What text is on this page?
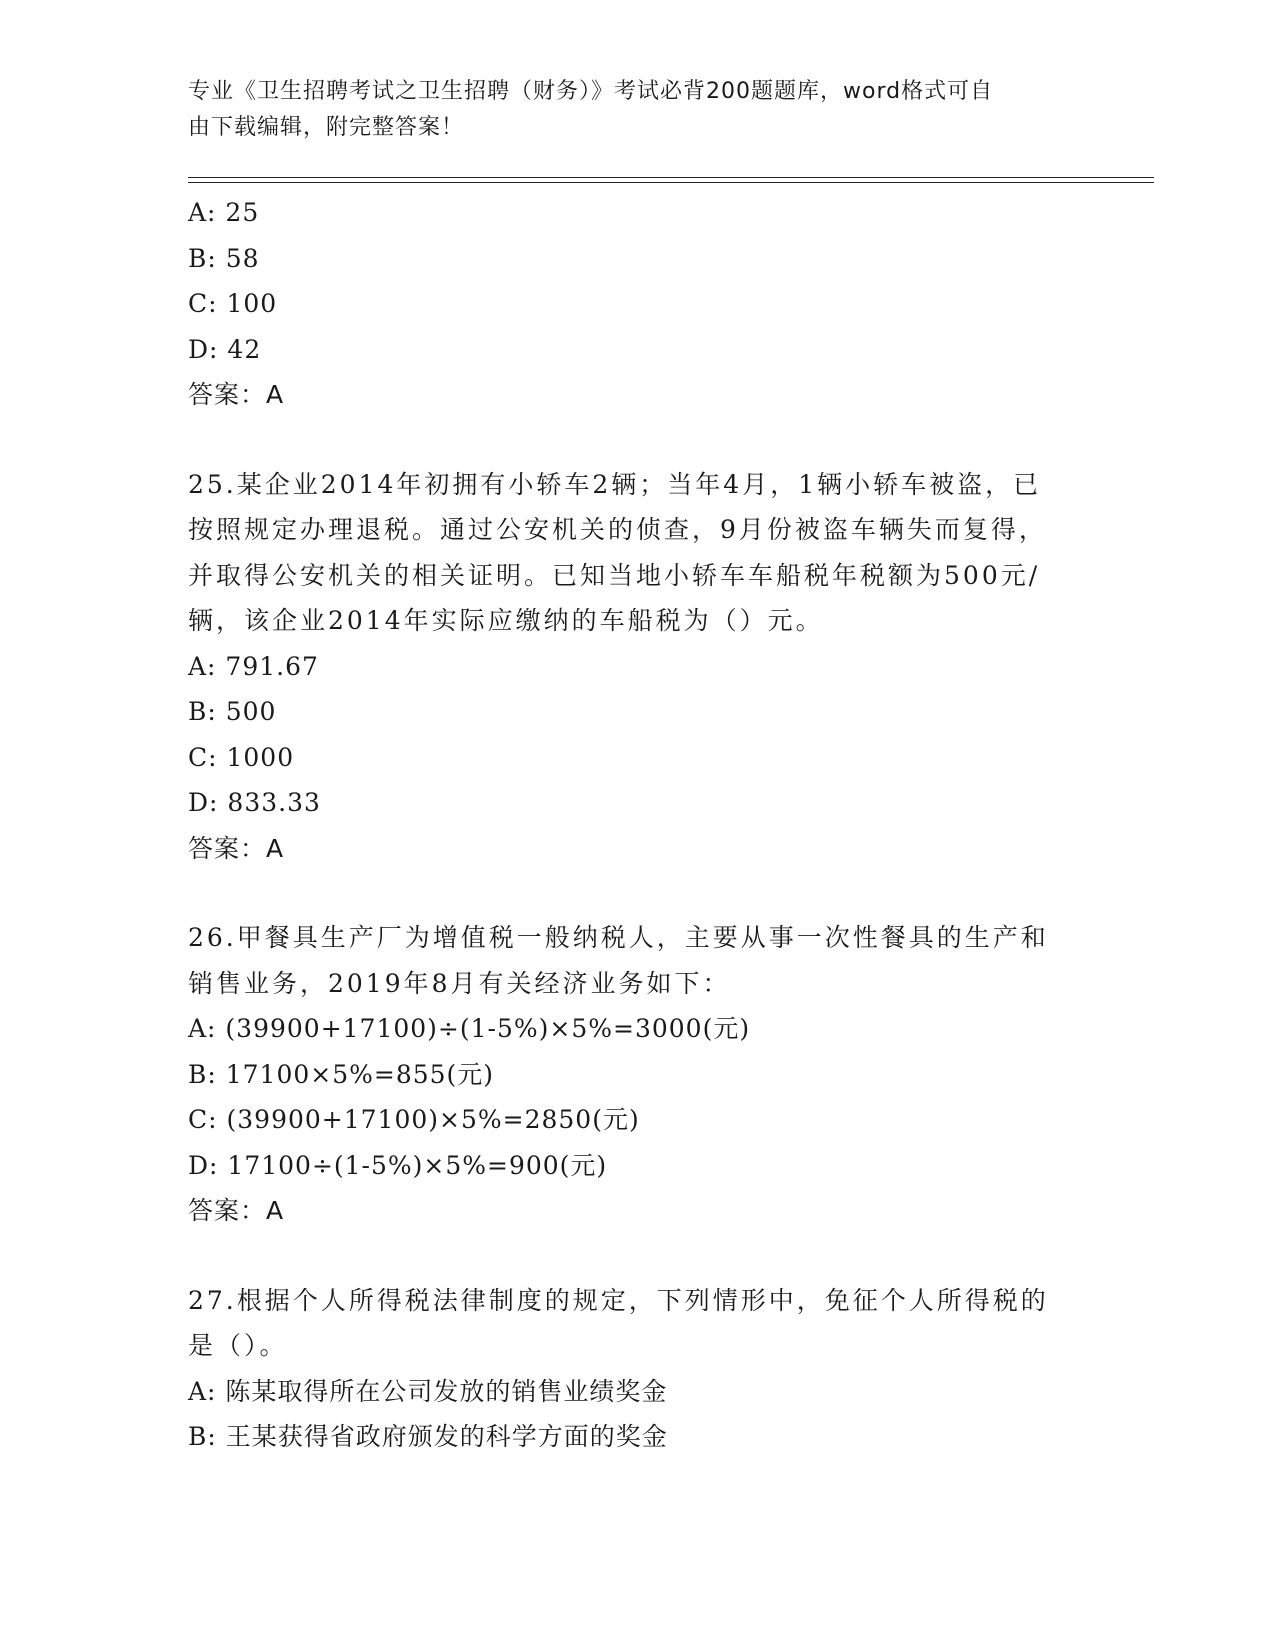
专业《卫生招聘考试之卫生招聘（财务）》考试必背200题题库，word格式可自
由下载编辑，附完整答案！
A: 25
B: 58
C: 100
D: 42
答案：A
25.某企业2014年初拥有小轿车2辆；当年4月，1辆小轿车被盗，已
按照规定办理退税。通过公安机关的侦查，9月份被盗车辆失而复得，
并取得公安机关的相关证明。已知当地小轿车车船税年税额为500元/
辆，该企业2014年实际应缴纳的车船税为（）元。
A: 791.67
B: 500
C: 1000
D: 833.33
答案：A
26.甲餐具生产厂为增值税一般纳税人，主要从事一次性餐具的生产和
销售业务，2019年8月有关经济业务如下：
A: (39900+17100)÷(1-5%)×5%=3000(元)
B: 17100×5%=855(元)
C: (39900+17100)×5%=2850(元)
D: 17100÷(1-5%)×5%=900(元)
答案：A
27.根据个人所得税法律制度的规定，下列情形中，免征个人所得税的
是（）。
A: 陈某取得所在公司发放的销售业绩奖金
B: 王某获得省政府颁发的科学方面的奖金
